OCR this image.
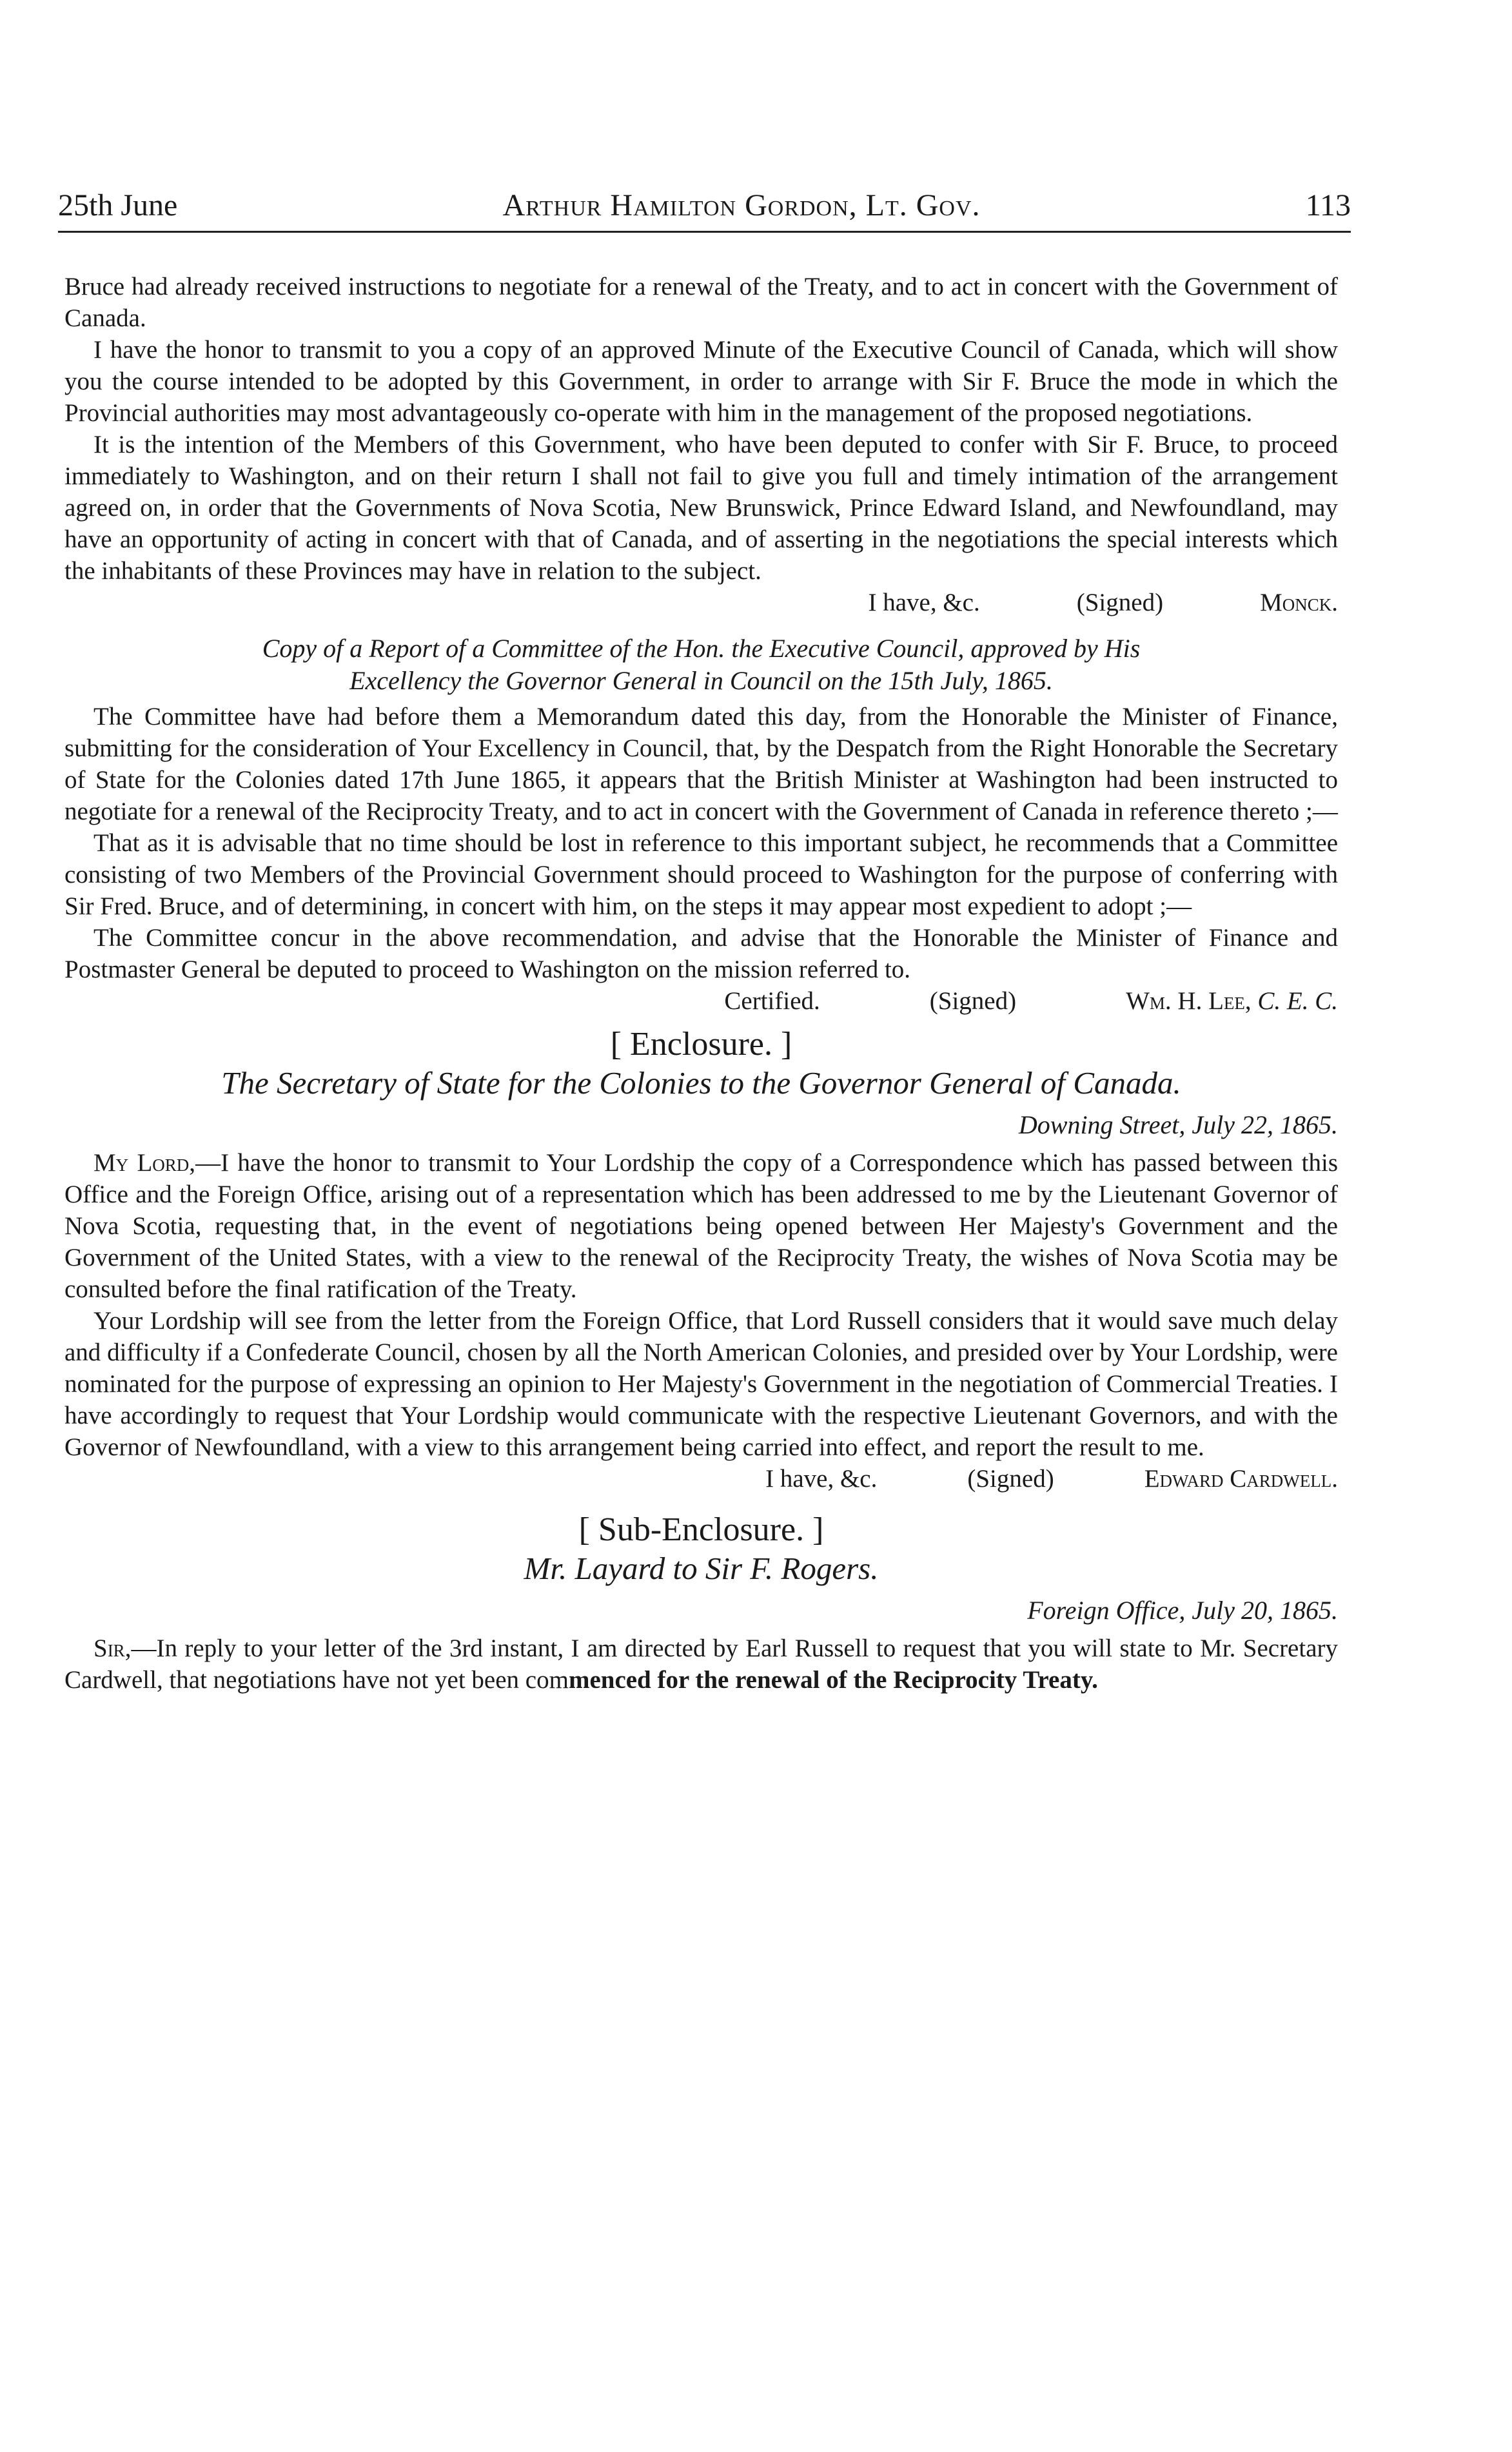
25th June	Arthur Hamilton Gordon, Lt. Gov.	113

Bruce had already received instructions to negotiate for a renewal of the Treaty, and to act in concert with the Government of Canada.

I have the honor to transmit to you a copy of an approved Minute of the Executive Council of Canada, which will show you the course intended to be adopted by this Government, in order to arrange with Sir F. Bruce the mode in which the Provincial authorities may most advantageously co-operate with him in the management of the proposed negotiations.

It is the intention of the Members of this Government, who have been deputed to confer with Sir F. Bruce, to proceed immediately to Washington, and on their return I shall not fail to give you full and timely intimation of the arrangement agreed on, in order that the Governments of Nova Scotia, New Brunswick, Prince Edward Island, and Newfoundland, may have an opportunity of acting in concert with that of Canada, and of asserting in the negotiations the special interests which the inhabitants of these Provinces may have in relation to the subject.

I have, &c.	(Signed)	Monck.
Copy of a Report of a Committee of the Hon. the Executive Council, approved by His
Excellency the Governor General in Council on the 15th July, 1865.

The Committee have had before them a Memorandum dated this day, from the Honorable the Minister of Finance, submitting for the consideration of Your Excellency in Council, that, by the Despatch from the Right Honorable the Secretary of State for the Colonies dated 17th June 1865, it appears that the British Minister at Washington had been instructed to negotiate for a renewal of the Reciprocity Treaty, and to act in concert with the Government of Canada in reference thereto ;—

That as it is advisable that no time should be lost in reference to this important subject, he recommends that a Committee consisting of two Members of the Provincial Government should proceed to Washington for the purpose of conferring with Sir Fred. Bruce, and of determining, in concert with him, on the steps it may appear most expedient to adopt ;—

The Committee concur in the above recommendation, and advise that the Honorable the Minister of Finance and Postmaster General be deputed to proceed to Washington on the mission referred to.

Certified.	(Signed)	Wm. H. Lee, C. E. C.
[ Enclosure. ]
The Secretary of State for the Colonies to the Governor General of Canada.
Downing Street, July 22, 1865.

My Lord,—I have the honor to transmit to Your Lordship the copy of a Correspondence which has passed between this Office and the Foreign Office, arising out of a representation which has been addressed to me by the Lieutenant Governor of Nova Scotia, requesting that, in the event of negotiations being opened between Her Majesty's Government and the Government of the United States, with a view to the renewal of the Reciprocity Treaty, the wishes of Nova Scotia may be consulted before the final ratification of the Treaty.

Your Lordship will see from the letter from the Foreign Office, that Lord Russell considers that it would save much delay and difficulty if a Confederate Council, chosen by all the North American Colonies, and presided over by Your Lordship, were nominated for the purpose of expressing an opinion to Her Majesty's Government in the negotiation of Commercial Treaties. I have accordingly to request that Your Lordship would communicate with the respective Lieutenant Governors, and with the Governor of Newfoundland, with a view to this arrangement being carried into effect, and report the result to me.

I have, &c.	(Signed)	Edward Cardwell.
[ Sub-Enclosure. ]
Mr. Layard to Sir F. Rogers.
Foreign Office, July 20, 1865.

Sir,—In reply to your letter of the 3rd instant, I am directed by Earl Russell to request that you will state to Mr. Secretary Cardwell, that negotiations have not yet been commenced for the renewal of the Reciprocity Treaty.
